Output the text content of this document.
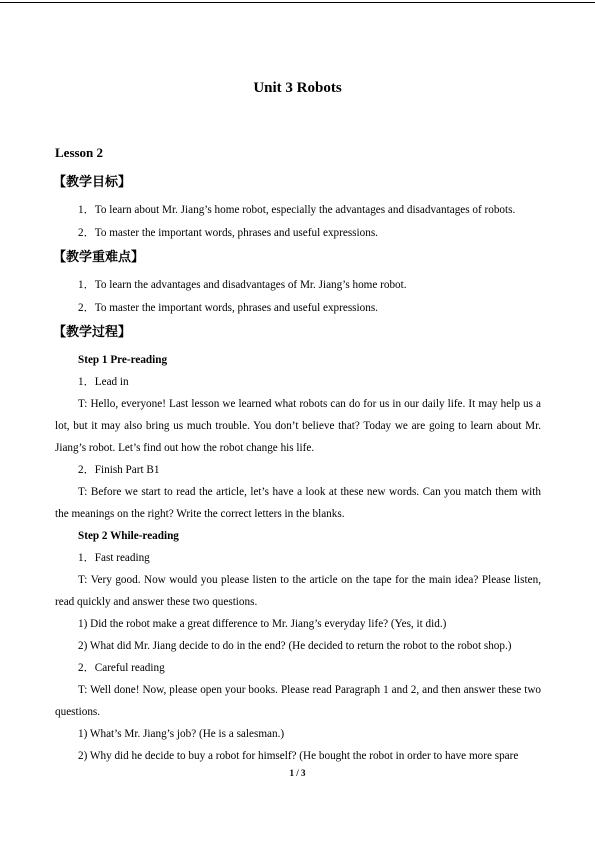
Unit 3 Robots
Lesson 2
【教学目标】
1．To learn about Mr. Jiang’s home robot, especially the advantages and disadvantages of robots.
2．To master the important words, phrases and useful expressions.
【教学重难点】
1．To learn the advantages and disadvantages of Mr. Jiang’s home robot.
2．To master the important words, phrases and useful expressions.
【教学过程】
Step 1 Pre-reading
1．Lead in
T: Hello, everyone! Last lesson we learned what robots can do for us in our daily life. It may help us a lot, but it may also bring us much trouble. You don’t believe that? Today we are going to learn about Mr. Jiang’s robot. Let’s find out how the robot change his life.
2．Finish Part B1
T: Before we start to read the article, let’s have a look at these new words. Can you match them with the meanings on the right? Write the correct letters in the blanks.
Step 2 While-reading
1．Fast reading
T: Very good. Now would you please listen to the article on the tape for the main idea? Please listen, read quickly and answer these two questions.
1) Did the robot make a great difference to Mr. Jiang’s everyday life? (Yes, it did.)
2) What did Mr. Jiang decide to do in the end? (He decided to return the robot to the robot shop.)
2．Careful reading
T: Well done! Now, please open your books. Please read Paragraph 1 and 2, and then answer these two questions.
1) What’s Mr. Jiang’s job? (He is a salesman.)
2) Why did he decide to buy a robot for himself? (He bought the robot in order to have more spare
1 / 3
